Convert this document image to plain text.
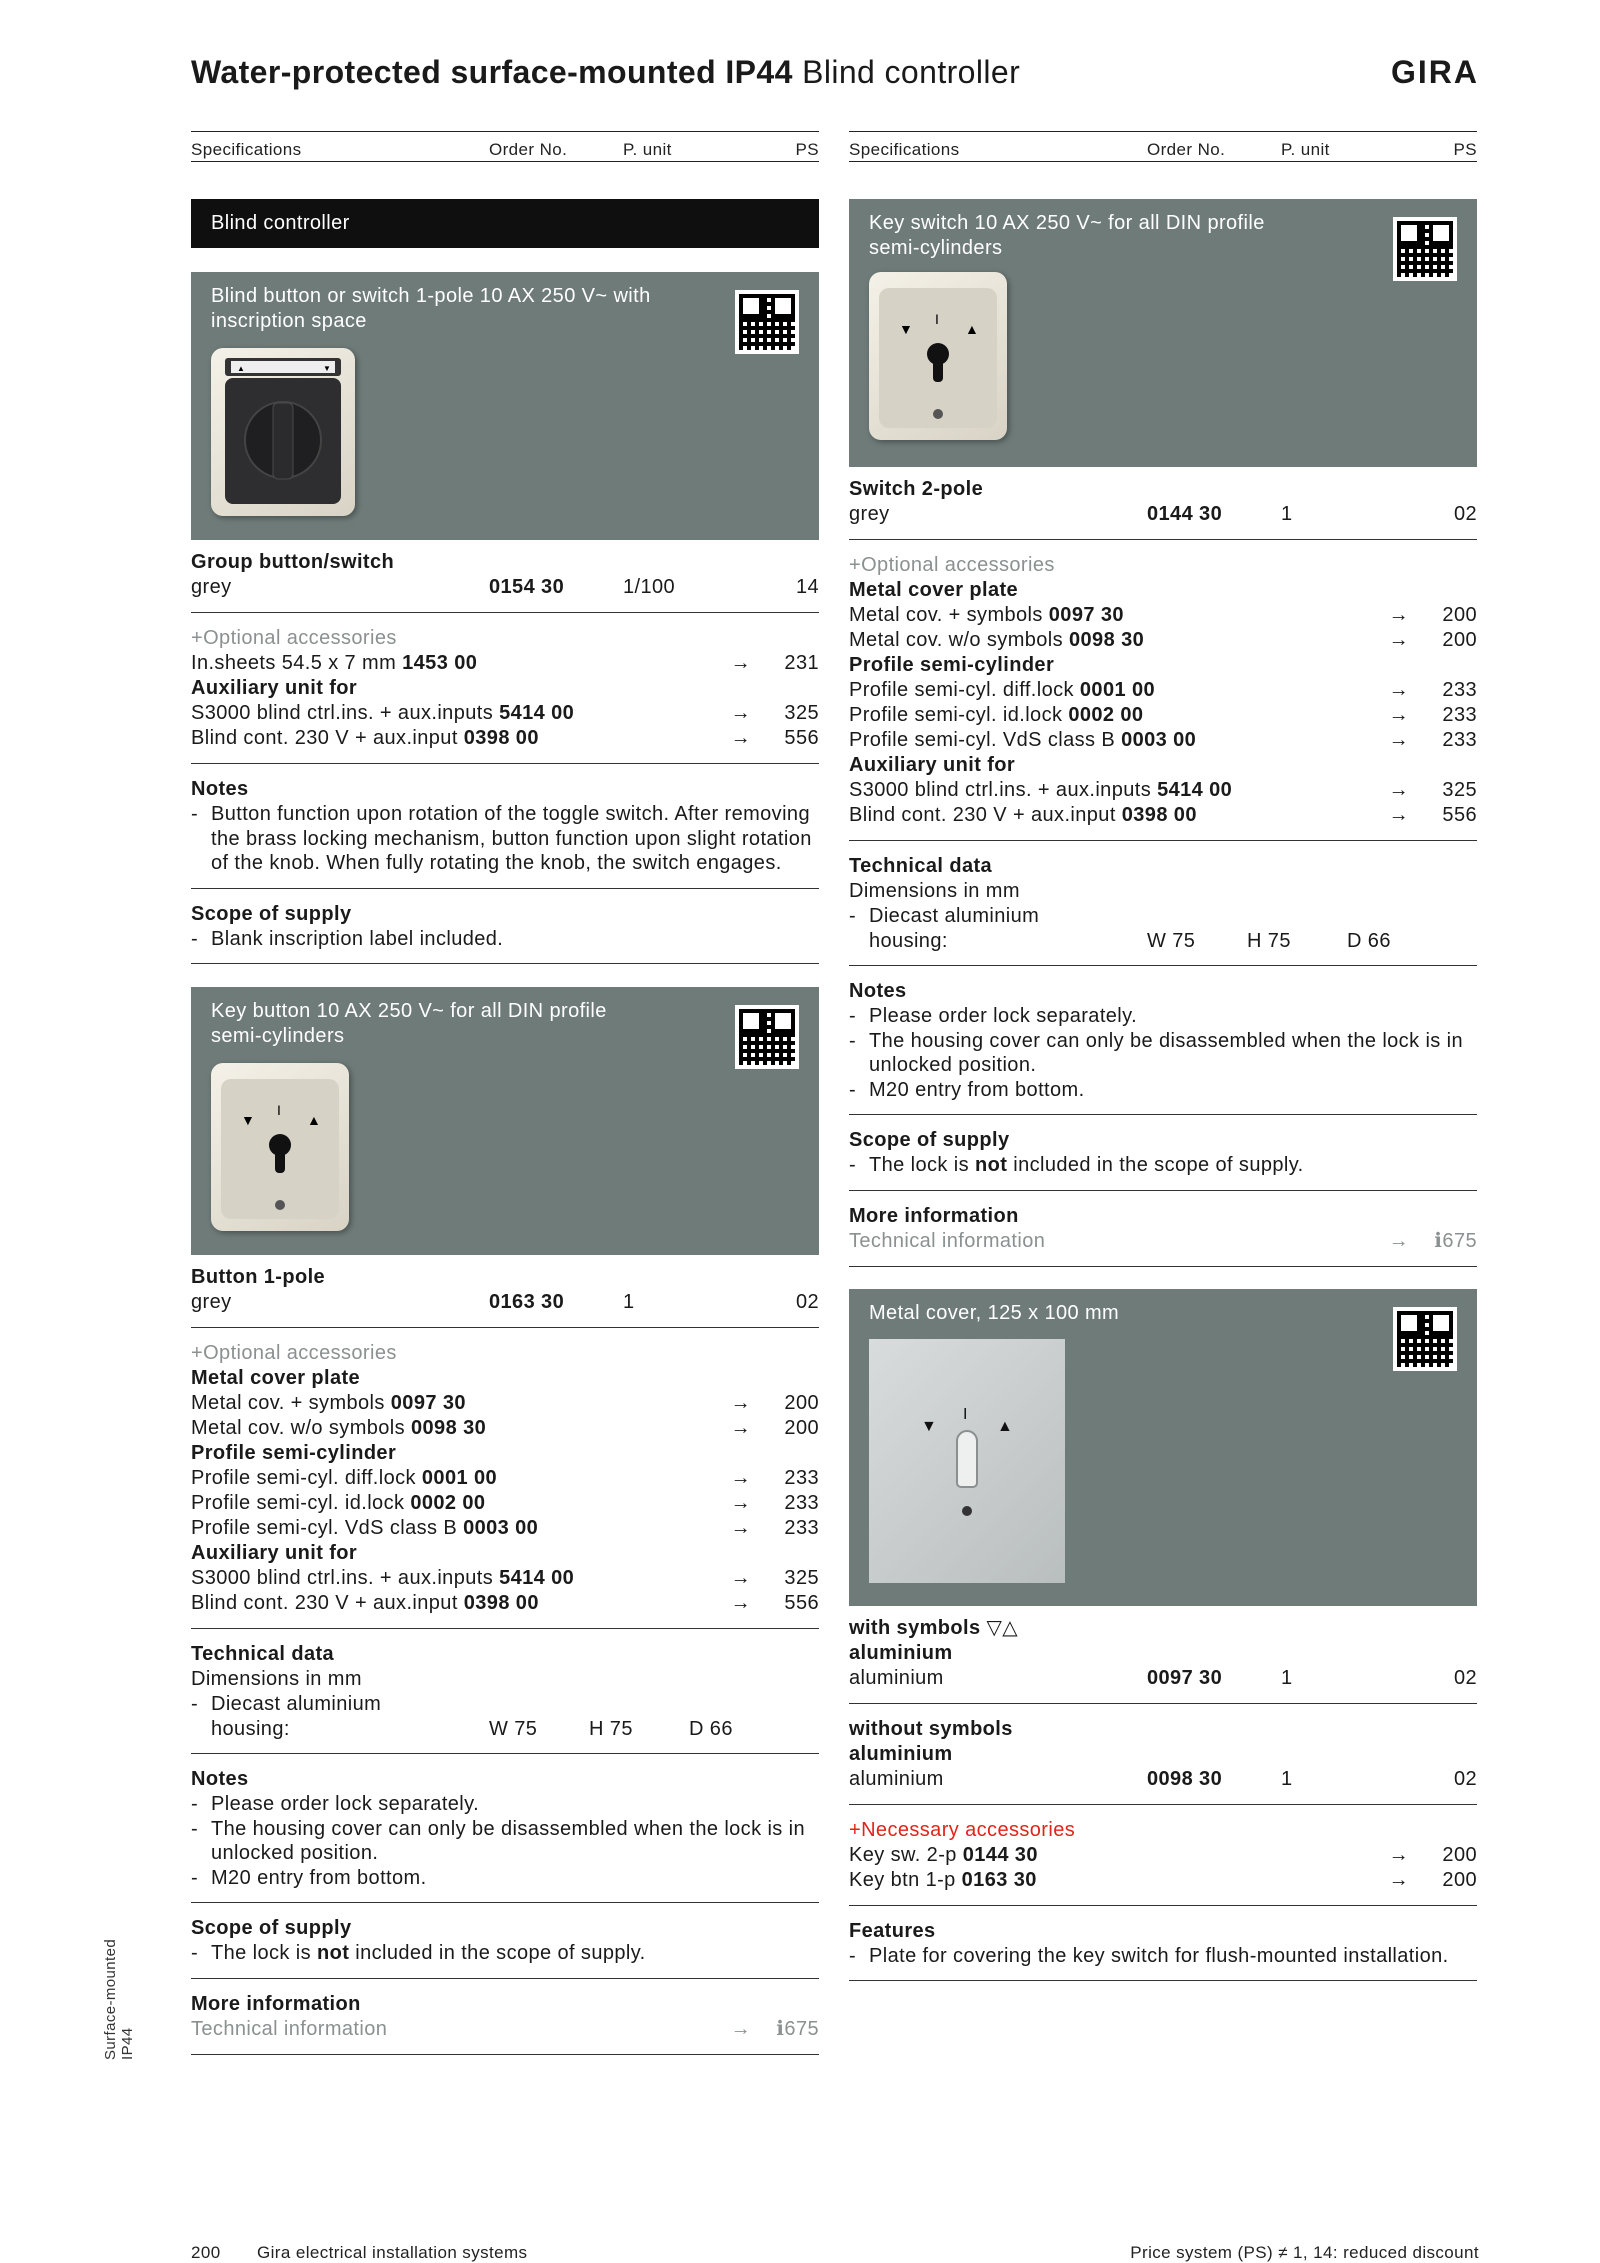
Water-protected surface-mounted IP44 Blind controller	GIRA
Specifications	Order No.	P. unit	PS
Blind controller
Blind button or switch 1-pole 10 AX 250 V~ with inscription space
▲	▼
Group button/switch
grey	0154 30	1/100	14
+Optional accessories
In.sheets 54.5 x 7 mm 1453 00	→ 231
Auxiliary unit for
S3000 blind ctrl.ins. + aux.inputs 5414 00	→ 325
Blind cont. 230 V + aux.input 0398 00	→ 556
Notes
- Button function upon rotation of the toggle switch. After removing the brass locking mechanism, button function upon slight rotation of the knob. When fully rotating the knob, the switch engages.
Scope of supply
- Blank inscription label included.
Key button 10 AX 250 V~ for all DIN profile semi-cylinders
▼
I
▲
Button 1-pole
grey	0163 30	1	02
+Optional accessories
Metal cover plate
Metal cov. + symbols 0097 30	→ 200
Metal cov. w/o symbols 0098 30	→ 200
Profile semi-cylinder
Profile semi-cyl. diff.lock 0001 00	→ 233
Profile semi-cyl. id.lock 0002 00	→ 233
Profile semi-cyl. VdS class B 0003 00	→ 233
Auxiliary unit for
S3000 blind ctrl.ins. + aux.inputs 5414 00	→ 325
Blind cont. 230 V + aux.input 0398 00	→ 556
Technical data
Dimensions in mm
- Diecast aluminium
housing:	W 75	H 75	D 66
Notes
- Please order lock separately.
- The housing cover can only be disassembled when the lock is in unlocked position.
- M20 entry from bottom.
Scope of supply
- The lock is not included in the scope of supply.
More information
Technical information	→ ℹ675
Specifications	Order No.	P. unit	PS
Key switch 10 AX 250 V~ for all DIN profile semi-cylinders
▼
I
▲
Switch 2-pole
grey	0144 30	1	02
+Optional accessories
Metal cover plate
Metal cov. + symbols 0097 30	→ 200
Metal cov. w/o symbols 0098 30	→ 200
Profile semi-cylinder
Profile semi-cyl. diff.lock 0001 00	→ 233
Profile semi-cyl. id.lock 0002 00	→ 233
Profile semi-cyl. VdS class B 0003 00	→ 233
Auxiliary unit for
S3000 blind ctrl.ins. + aux.inputs 5414 00	→ 325
Blind cont. 230 V + aux.input 0398 00	→ 556
Technical data
Dimensions in mm
- Diecast aluminium
housing:	W 75	H 75	D 66
Notes
- Please order lock separately.
- The housing cover can only be disassembled when the lock is in unlocked position.
- M20 entry from bottom.
Scope of supply
- The lock is not included in the scope of supply.
More information
Technical information	→ ℹ675
Metal cover, 125 x 100 mm
▼
I
▲
with symbols ▽△
aluminium
aluminium	0097 30	1	02
without symbols
aluminium
aluminium	0098 30	1	02
+Necessary accessories
Key sw. 2-p 0144 30	→ 200
Key btn 1-p 0163 30	→ 200
Features
- Plate for covering the key switch for flush-mounted installation.
Surface-mounted IP44
200 Gira electrical installation systems	Price system (PS) ≠ 1, 14: reduced discount
